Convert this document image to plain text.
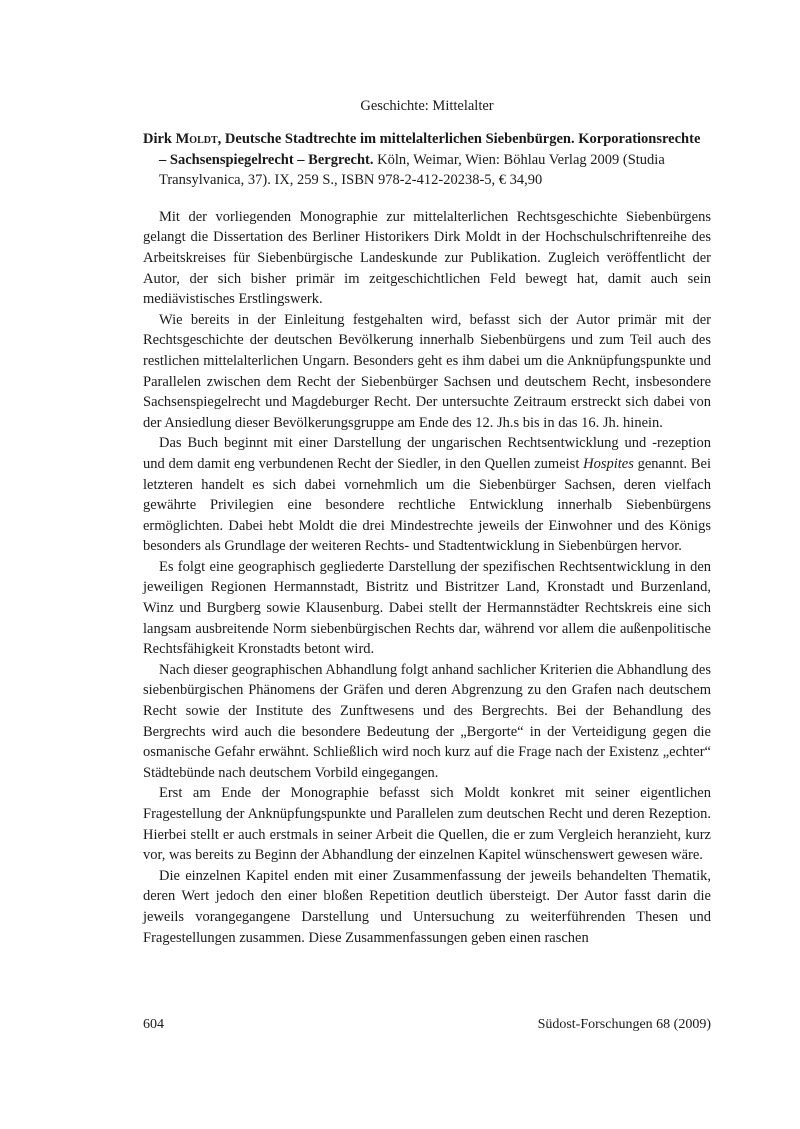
Geschichte: Mittelalter
Dirk Moldt, Deutsche Stadtrechte im mittelalterlichen Siebenbürgen. Korporationsrechte – Sachsenspiegelrecht – Bergrecht. Köln, Weimar, Wien: Böhlau Verlag 2009 (Studia Transylvanica, 37). IX, 259 S., ISBN 978-2-412-20238-5, € 34,90

Mit der vorliegenden Monographie zur mittelalterlichen Rechtsgeschichte Siebenbürgens gelangt die Dissertation des Berliner Historikers Dirk Moldt in der Hochschulschriftenreihe des Arbeitskreises für Siebenbürgische Landeskunde zur Publikation. Zugleich veröffentlicht der Autor, der sich bisher primär im zeitgeschichtlichen Feld bewegt hat, damit auch sein mediävistisches Erstlingswerk.

Wie bereits in der Einleitung festgehalten wird, befasst sich der Autor primär mit der Rechtsgeschichte der deutschen Bevölkerung innerhalb Siebenbürgens und zum Teil auch des restlichen mittelalterlichen Ungarn. Besonders geht es ihm dabei um die Anknüpfungspunkte und Parallelen zwischen dem Recht der Siebenbürger Sachsen und deutschem Recht, insbesondere Sachsenspiegelrecht und Magdeburger Recht. Der untersuchte Zeitraum erstreckt sich dabei von der Ansiedlung dieser Bevölkerungsgruppe am Ende des 12. Jh.s bis in das 16. Jh. hinein.

Das Buch beginnt mit einer Darstellung der ungarischen Rechtsentwicklung und -rezeption und dem damit eng verbundenen Recht der Siedler, in den Quellen zumeist Hospites genannt. Bei letzteren handelt es sich dabei vornehmlich um die Siebenbürger Sachsen, deren vielfach gewährte Privilegien eine besondere rechtliche Entwicklung innerhalb Siebenbürgens ermöglichten. Dabei hebt Moldt die drei Mindestrechte jeweils der Einwohner und des Königs besonders als Grundlage der weiteren Rechts- und Stadtentwicklung in Siebenbürgen hervor.

Es folgt eine geographisch gegliederte Darstellung der spezifischen Rechtsentwicklung in den jeweiligen Regionen Hermannstadt, Bistritz und Bistritzer Land, Kronstadt und Burzenland, Winz und Burgberg sowie Klausenburg. Dabei stellt der Hermannstädter Rechtskreis eine sich langsam ausbreitende Norm siebenbürgischen Rechts dar, während vor allem die außenpolitische Rechtsfähigkeit Kronstadts betont wird.

Nach dieser geographischen Abhandlung folgt anhand sachlicher Kriterien die Abhandlung des siebenbürgischen Phänomens der Gräfen und deren Abgrenzung zu den Grafen nach deutschem Recht sowie der Institute des Zunftwesens und des Bergrechts. Bei der Behandlung des Bergrechts wird auch die besondere Bedeutung der „Bergorte“ in der Verteidigung gegen die osmanische Gefahr erwähnt. Schließlich wird noch kurz auf die Frage nach der Existenz „echter“ Städtebünde nach deutschem Vorbild eingegangen.

Erst am Ende der Monographie befasst sich Moldt konkret mit seiner eigentlichen Fragestellung der Anknüpfungspunkte und Parallelen zum deutschen Recht und deren Rezeption. Hierbei stellt er auch erstmals in seiner Arbeit die Quellen, die er zum Vergleich heranzieht, kurz vor, was bereits zu Beginn der Abhandlung der einzelnen Kapitel wünschenswert gewesen wäre.

Die einzelnen Kapitel enden mit einer Zusammenfassung der jeweils behandelten Thematik, deren Wert jedoch den einer bloßen Repetition deutlich übersteigt. Der Autor fasst darin die jeweils vorangegangene Darstellung und Untersuchung zu weiterführenden Thesen und Fragestellungen zusammen. Diese Zusammenfassungen geben einen raschen

604	Südost-Forschungen 68 (2009)
